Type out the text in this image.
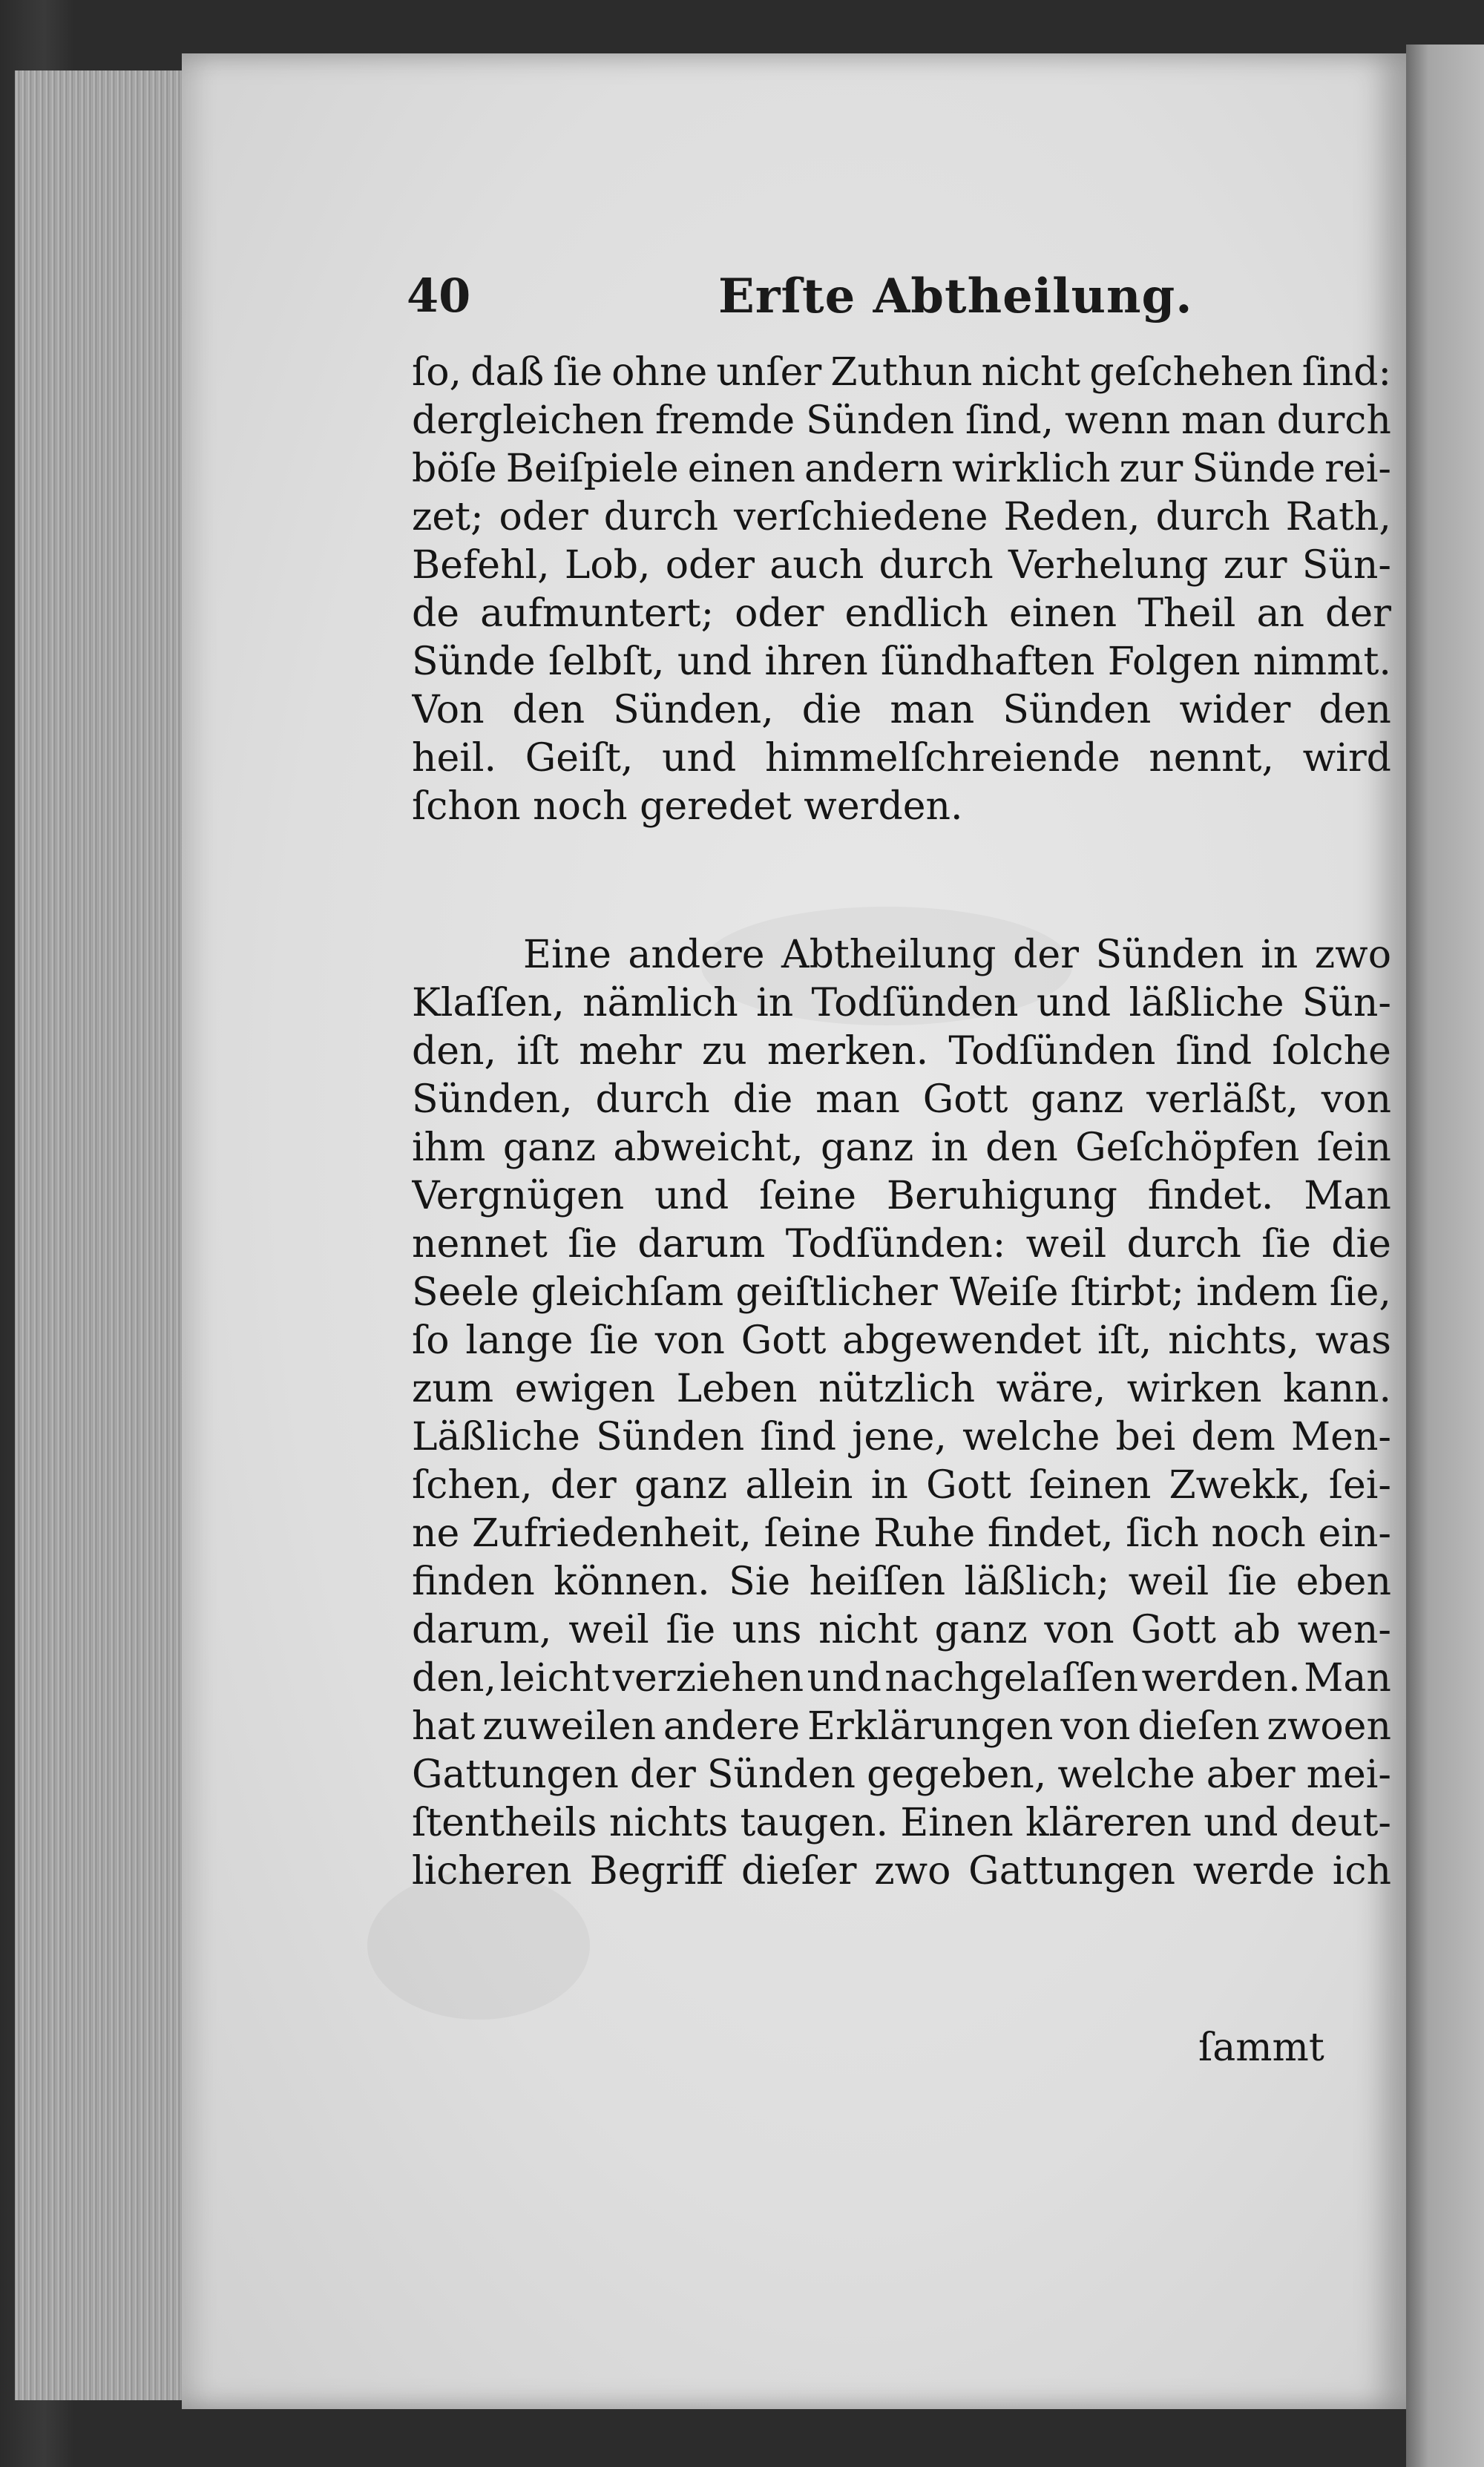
40	Erſte Abtheilung.
ſo, daß ſie ohne unſer Zuthun nicht geſchehen ſind:
dergleichen fremde Sünden ſind, wenn man durch
böſe Beiſpiele einen andern wirklich zur Sünde rei-
zet; oder durch verſchiedene Reden, durch Rath,
Befehl, Lob, oder auch durch Verhelung zur Sün-
de aufmuntert; oder endlich einen Theil an der
Sünde ſelbſt, und ihren ſündhaften Folgen nimmt.
Von den Sünden, die man Sünden wider den
heil. Geiſt, und himmelſchreiende nennt, wird
ſchon noch geredet werden.
Eine andere Abtheilung der Sünden in zwo
Klaſſen, nämlich in Todſünden und läßliche Sün-
den, iſt mehr zu merken. Todſünden ſind ſolche
Sünden, durch die man Gott ganz verläßt, von
ihm ganz abweicht, ganz in den Geſchöpfen ſein
Vergnügen und ſeine Beruhigung findet. Man
nennet ſie darum Todſünden: weil durch ſie die
Seele gleichſam geiſtlicher Weiſe ſtirbt; indem ſie,
ſo lange ſie von Gott abgewendet iſt, nichts, was
zum ewigen Leben nützlich wäre, wirken kann.
Läßliche Sünden ſind jene, welche bei dem Men-
ſchen, der ganz allein in Gott ſeinen Zwekk, ſei-
ne Zufriedenheit, ſeine Ruhe findet, ſich noch ein-
finden können. Sie heiſſen läßlich; weil ſie eben
darum, weil ſie uns nicht ganz von Gott ab wen-
den, leicht verziehen und nachgelaſſen werden. Man
hat zuweilen andere Erklärungen von dieſen zwoen
Gattungen der Sünden gegeben, welche aber mei-
ſtentheils nichts taugen. Einen kläreren und deut-
licheren Begriff dieſer zwo Gattungen werde ich
ſammt
